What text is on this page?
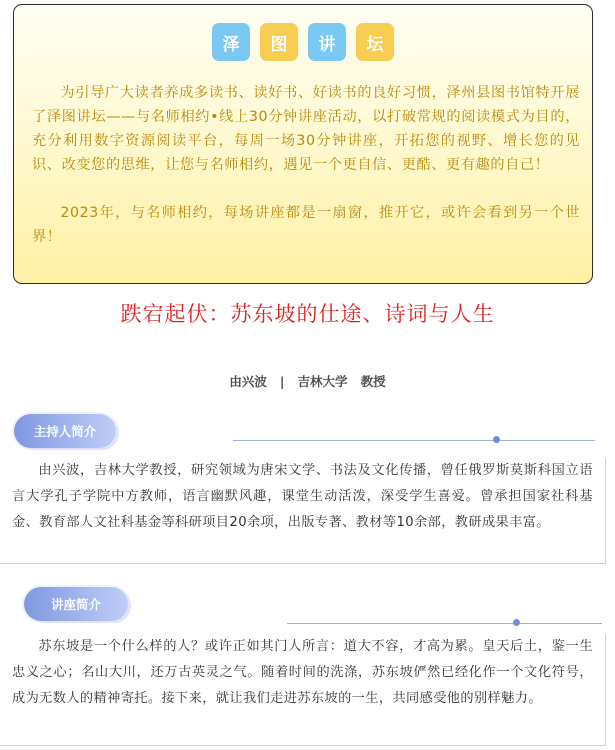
泽	图	讲	坛

为引导广大读者养成多读书、读好书、好读书的良好习惯，泽州县图书馆特开展了泽图讲坛——与名师相约•线上30分钟讲座活动，以打破常规的阅读模式为目的，充分利用数字资源阅读平台，每周一场30分钟讲座，开拓您的视野、增长您的见识、改变您的思维，让您与名师相约，遇见一个更自信、更酷、更有趣的自己！

2023年，与名师相约，每场讲座都是一扇窗，推开它，或许会看到另一个世界！

跌宕起伏：苏东坡的仕途、诗词与人生
由兴波   |   吉林大学   教授
主持人简介

由兴波，吉林大学教授，研究领域为唐宋文学、书法及文化传播，曾任俄罗斯莫斯科国立语言大学孔子学院中方教师，语言幽默风趣，课堂生动活泼，深受学生喜爱。曾承担国家社科基金、教育部人文社科基金等科研项目20余项，出版专著、教材等10余部，教研成果丰富。

讲座简介

苏东坡是一个什么样的人？或许正如其门人所言：道大不容，才高为累。皇天后土，鉴一生忠义之心；名山大川，还万古英灵之气。随着时间的洗涤，苏东坡俨然已经化作一个文化符号，成为无数人的精神寄托。接下来，就让我们走进苏东坡的一生，共同感受他的别样魅力。
